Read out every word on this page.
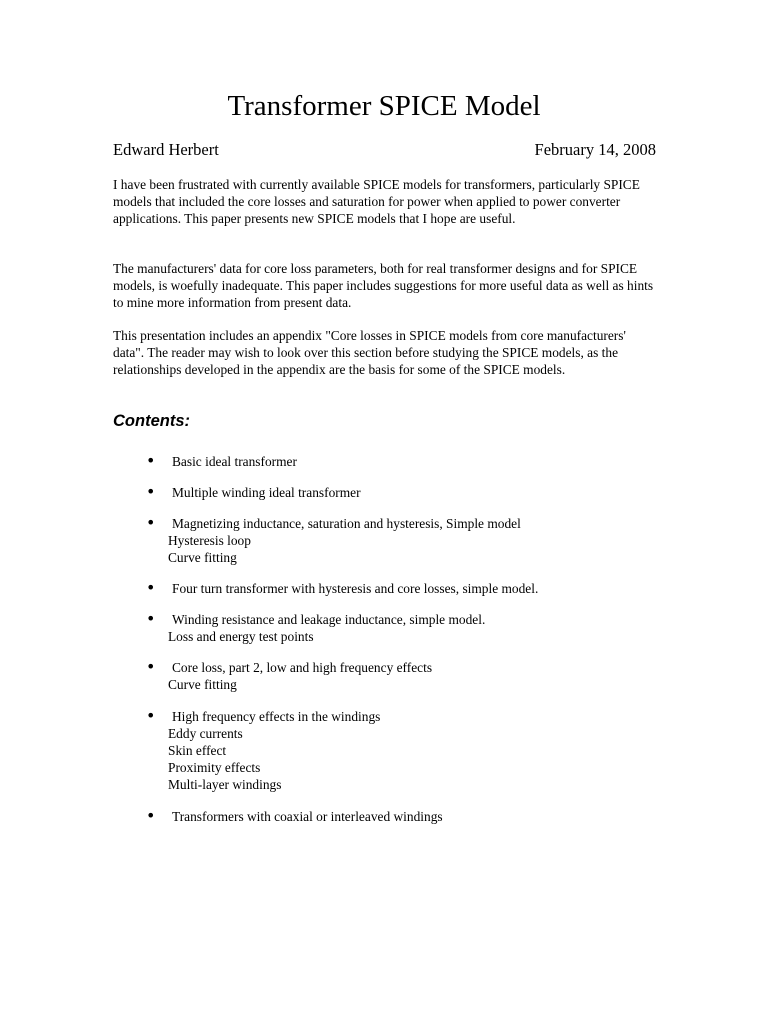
Transformer SPICE Model
Edward Herbert	February 14, 2008

I have been frustrated with currently available SPICE models for transformers, particularly SPICE models that included the core losses and saturation for power when applied to power converter applications. This paper presents new SPICE models that I hope are useful.

The manufacturers' data for core loss parameters, both for real transformer designs and for SPICE models, is woefully inadequate. This paper includes suggestions for more useful data as well as hints to mine more information from present data.

This presentation includes an appendix "Core losses in SPICE models from core manufacturers' data". The reader may wish to look over this section before studying the SPICE models, as the relationships developed in the appendix are the basis for some of the SPICE models.

Contents:
•	Basic ideal transformer
•	Multiple winding ideal transformer
•	Magnetizing inductance, saturation and hysteresis, Simple model
Hysteresis loop
Curve fitting
•	Four turn transformer with hysteresis and core losses, simple model.
•	Winding resistance and leakage inductance, simple model.
Loss and energy test points
•	Core loss, part 2, low and high frequency effects
Curve fitting
•	High frequency effects in the windings
Eddy currents
Skin effect
Proximity effects
Multi-layer windings
•	Transformers with coaxial or interleaved windings
